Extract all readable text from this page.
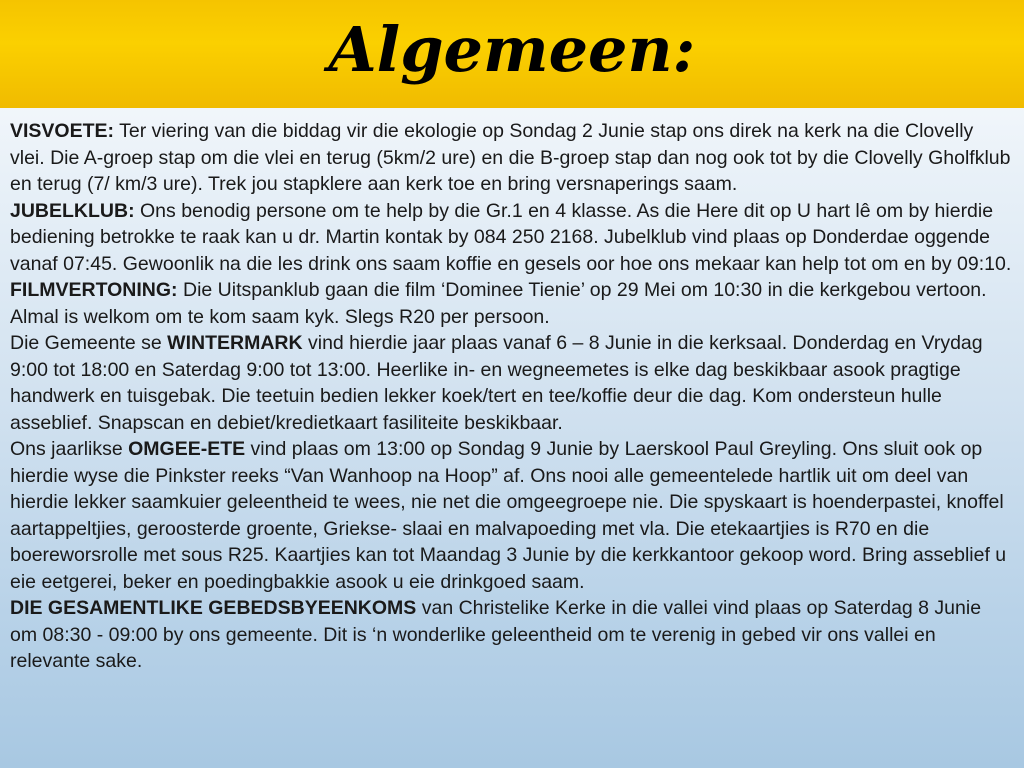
Algemeen:

VISVOETE: Ter viering van die biddag vir die ekologie op Sondag 2 Junie stap ons direk na kerk na die Clovelly vlei. Die A-groep stap om die vlei en terug (5km/2 ure) en die B-groep stap dan nog ook tot by die Clovelly Gholfklub en terug (7/ km/3 ure). Trek jou stapklere aan kerk toe en bring versnaperings saam.

JUBELKLUB: Ons benodig persone om te help by die Gr.1 en 4 klasse. As die Here dit op U hart lê om by hierdie bediening betrokke te raak kan u dr. Martin kontak by 084 250 2168. Jubelklub vind plaas op Donderdae oggende vanaf 07:45. Gewoonlik na die les drink ons saam koffie en gesels oor hoe ons mekaar kan help tot om en by 09:10.

FILMVERTONING: Die Uitspanklub gaan die film ‘Dominee Tienie’ op 29 Mei om 10:30 in die kerkgebou vertoon. Almal is welkom om te kom saam kyk. Slegs R20 per persoon.

Die Gemeente se WINTERMARK vind hierdie jaar plaas vanaf 6 – 8 Junie in die kerksaal. Donderdag en Vrydag 9:00 tot 18:00 en Saterdag 9:00 tot 13:00. Heerlike in- en wegneemetes is elke dag beskikbaar asook pragtige handwerk en tuisgebak. Die teetuin bedien lekker koek/tert en tee/koffie deur die dag. Kom ondersteun hulle asseblief. Snapscan en debiet/kredietkaart fasiliteite beskikbaar.

Ons jaarlikse OMGEE-ETE vind plaas om 13:00 op Sondag 9 Junie by Laerskool Paul Greyling. Ons sluit ook op hierdie wyse die Pinkster reeks “Van Wanhoop na Hoop” af. Ons nooi alle gemeentelede hartlik uit om deel van hierdie lekker saamkuier geleentheid te wees, nie net die omgeegroepe nie. Die spyskaart is hoenderpastei, knoffel aartappeltjies, geroosterde groente, Griekse- slaai en malvapoeding met vla. Die etekaartjies is R70 en die boereworsrolle met sous R25. Kaartjies kan tot Maandag 3 Junie by die kerkkantoor gekoop word. Bring asseblief u eie eetgerei, beker en poedingbakkie asook u eie drinkgoed saam.

DIE GESAMENTLIKE GEBEDSBYEENKOMS van Christelike Kerke in die vallei vind plaas op Saterdag 8 Junie om 08:30 - 09:00 by ons gemeente. Dit is ‘n wonderlike geleentheid om te verenig in gebed vir ons vallei en relevante sake.
